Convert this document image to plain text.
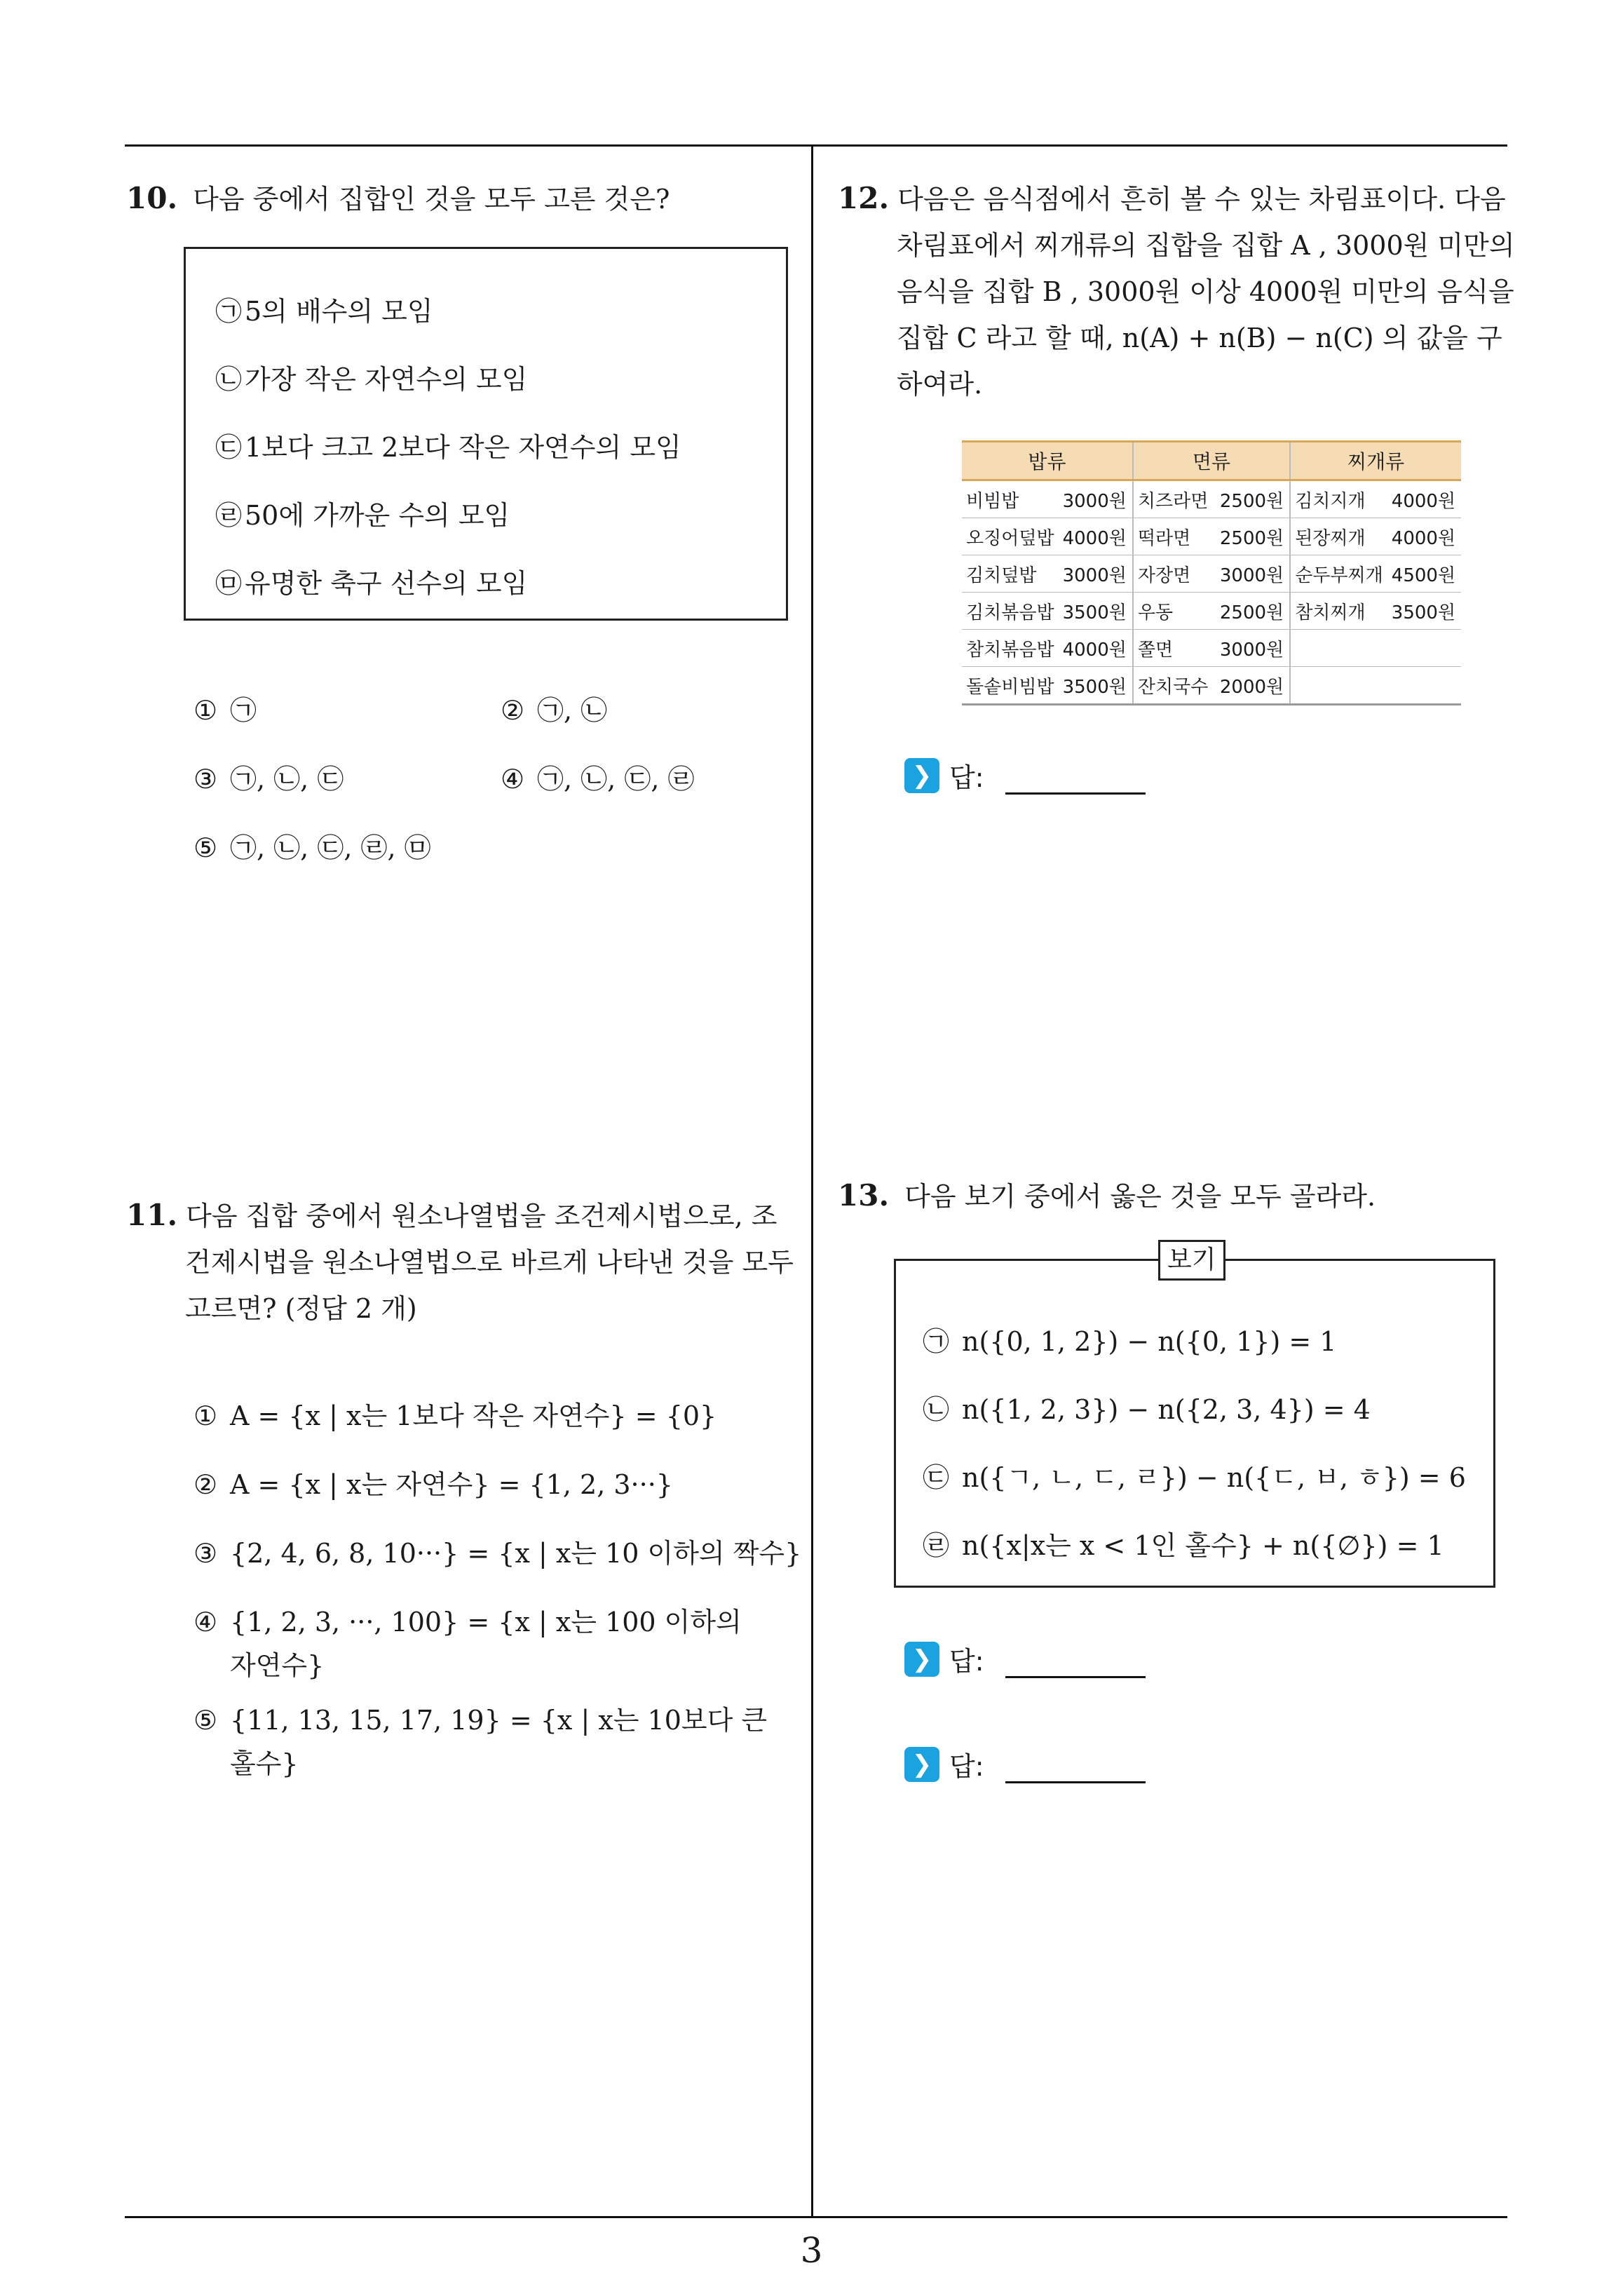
10. 다음 중에서 집합인 것을 모두 고른 것은?
㉠ 5의 배수의 모임
㉡ 가장 작은 자연수의 모임
㉢ 1보다 크고 2보다 작은 자연수의 모임
㉣ 50에 가까운 수의 모임
㉤ 유명한 축구 선수의 모임
① ㉠	② ㉠, ㉡
③ ㉠, ㉡, ㉢	④ ㉠, ㉡, ㉢, ㉣
⑤ ㉠, ㉡, ㉢, ㉣, ㉤
11. 다음 집합 중에서 원소나열법을 조건제시법으로, 조
건제시법을 원소나열법으로 바르게 나타낸 것을 모두
고르면? (정답 2 개)
① A = {x | x는 1보다 작은 자연수} = {0}
② A = {x | x는 자연수} = {1, 2, 3···}
③ {2, 4, 6, 8, 10···} = {x | x는 10 이하의 짝수}
④ {1, 2, 3, ···, 100} = {x | x는 100 이하의
자연수}
⑤ {11, 13, 15, 17, 19} = {x | x는 10보다 큰
홀수}
12. 다음은 음식점에서 흔히 볼 수 있는 차림표이다. 다음
차림표에서 찌개류의 집합을 집합 A , 3000원 미만의
음식을 집합 B , 3000원 이상 4000원 미만의 음식을
집합 C 라고 할 때, n(A) + n(B) − n(C) 의 값을 구
하여라.
밥류		면류		찌개류	
비빔밥	3000원	치즈라면	2500원	김치지개	4000원
오징어덮밥	4000원	떡라면	2500원	된장찌개	4000원
김치덮밥	3000원	자장면	3000원	순두부찌개	4500원
김치볶음밥	3500원	우동	2500원	참치찌개	3500원
참치볶음밥	4000원	쫄면	3000원		
돌솥비빔밥	3500원	잔치국수	2000원		
❯ 답:
13. 다음 보기 중에서 옳은 것을 모두 골라라.
㉠ n({0, 1, 2}) − n({0, 1}) = 1
㉡ n({1, 2, 3}) − n({2, 3, 4}) = 4
㉢ n({ㄱ, ㄴ, ㄷ, ㄹ}) − n({ㄷ, ㅂ, ㅎ}) = 6
㉣ n({x|x는 x < 1인 홀수} + n({∅}) = 1
보기
❯ 답:
❯ 답:
3
